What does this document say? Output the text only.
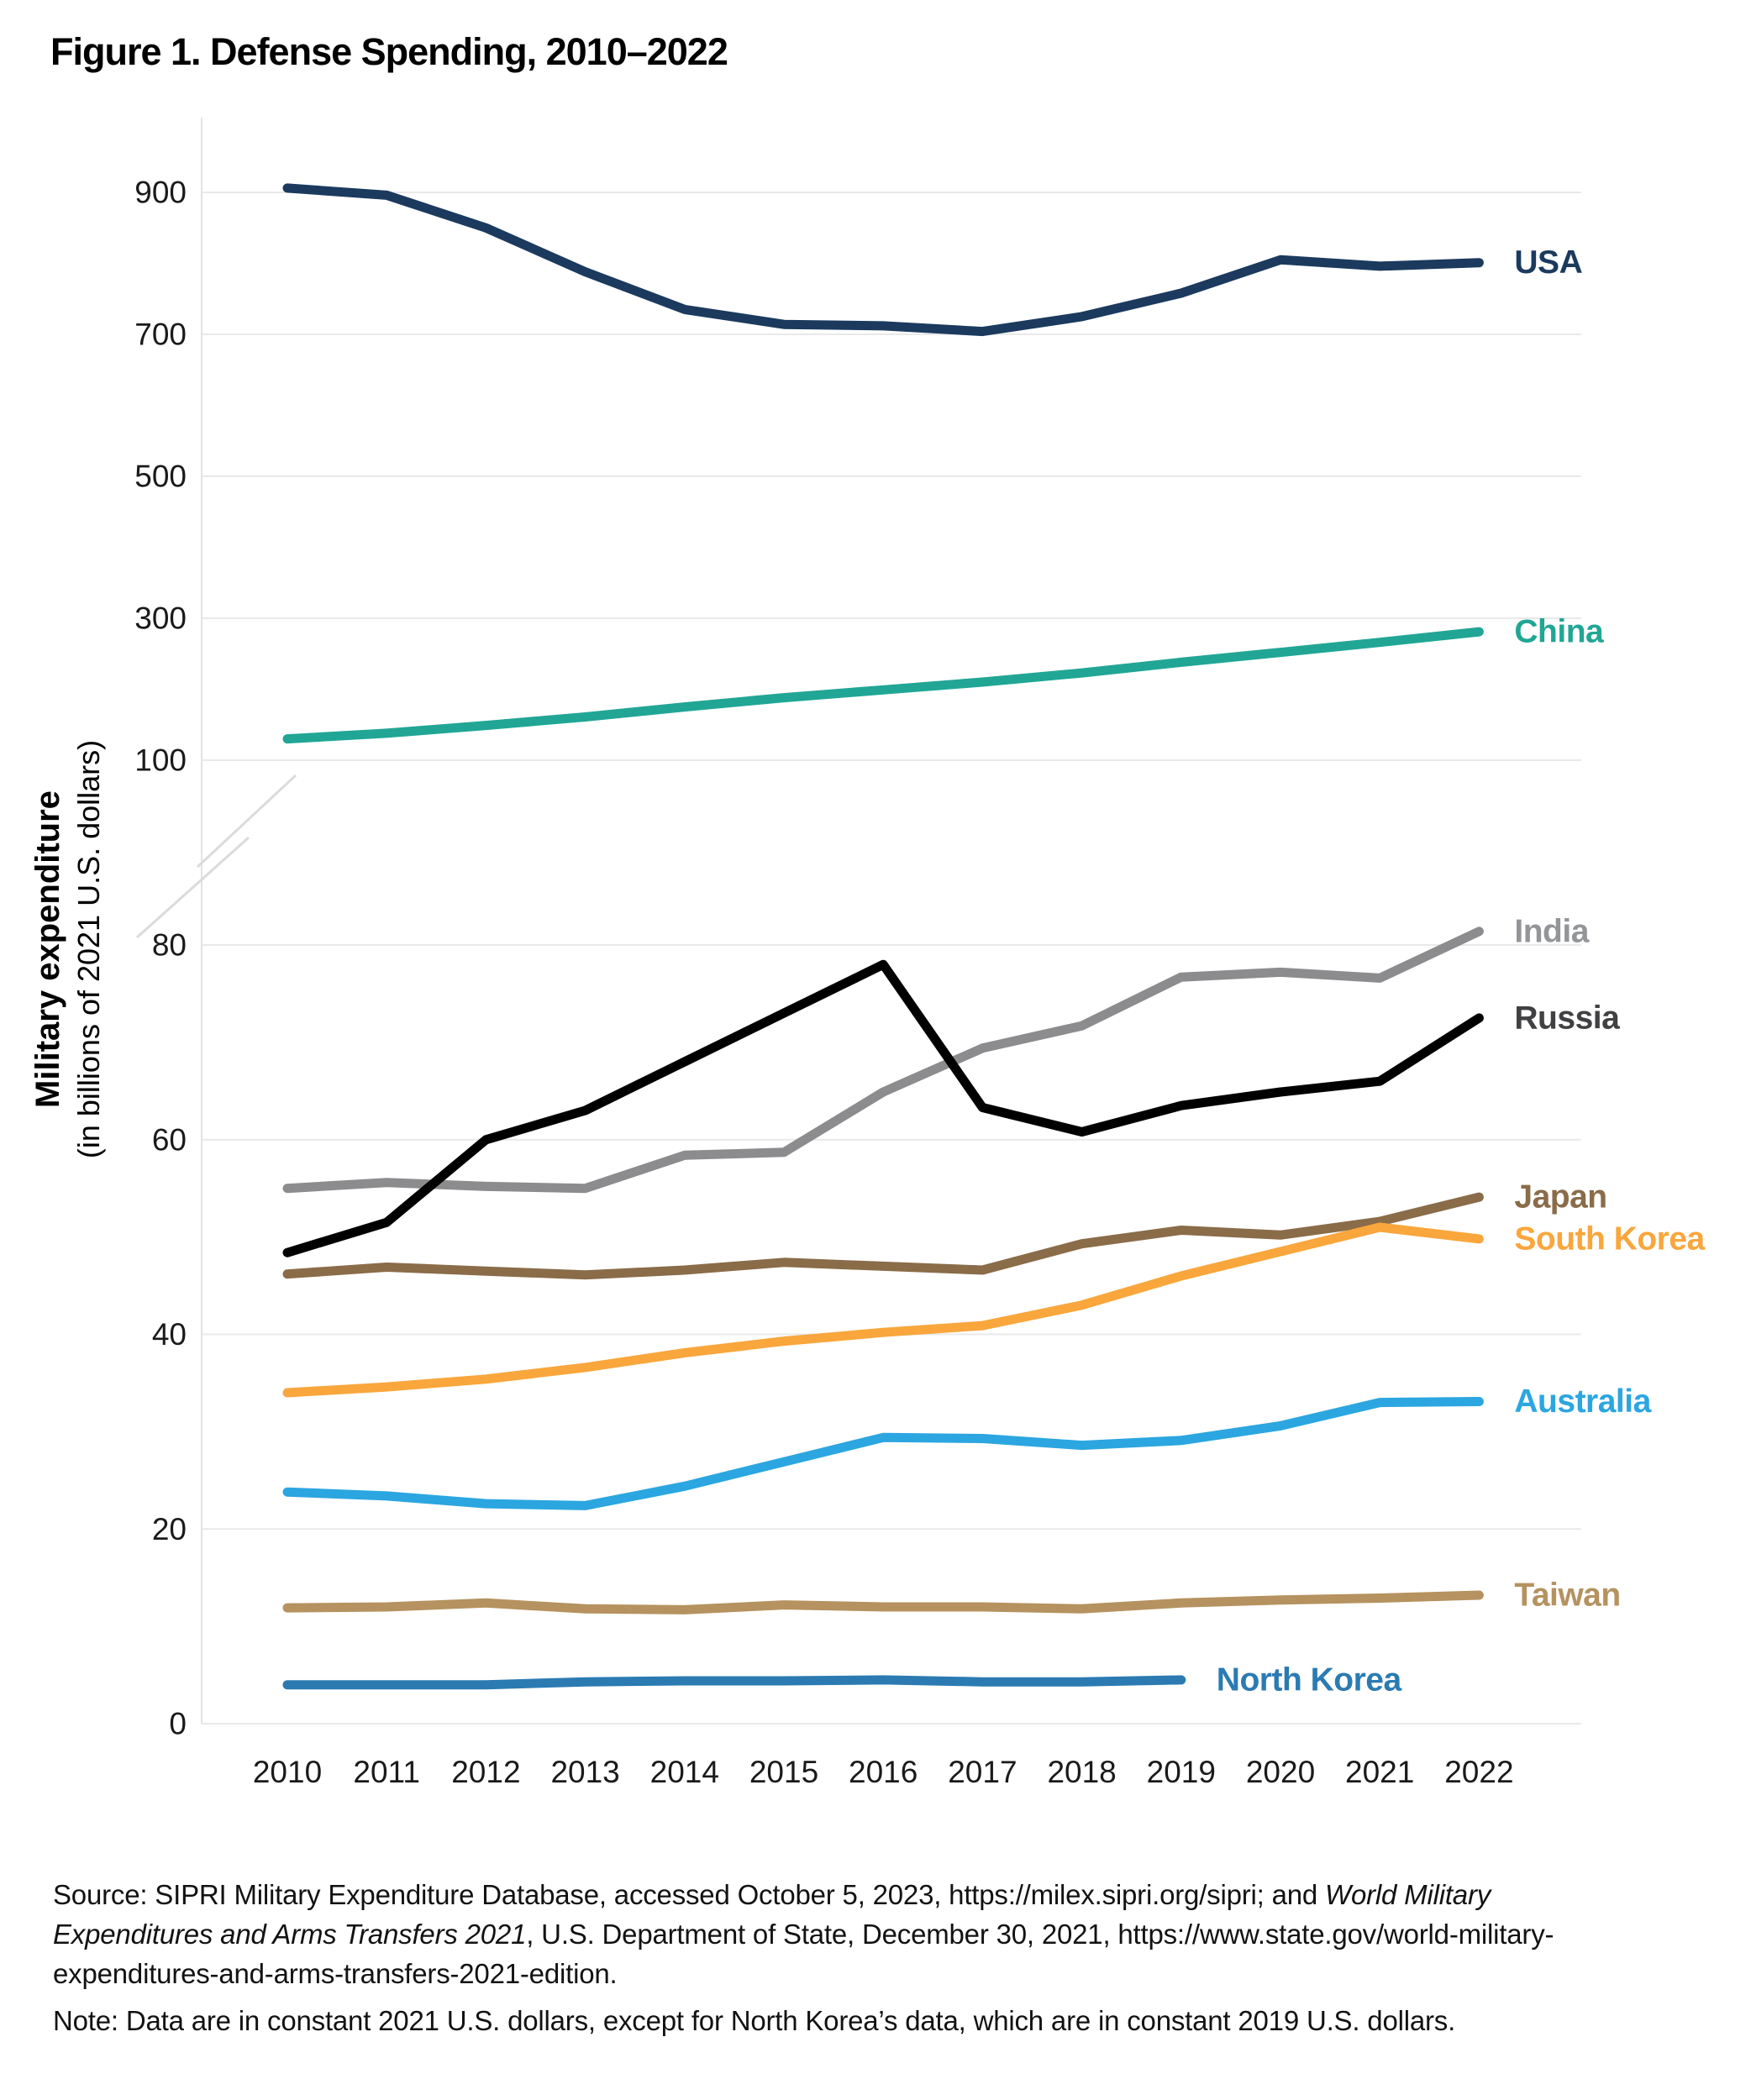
Figure 1. Defense Spending, 2010–2022
900
700
500
300
100
80
60
40
20
0
2010 2011 2012 2013 2014 2015 2016 2017 2018 2019 2020 2021 2022
USA
China
India
Russia
Japan
South Korea
Australia
Taiwan
North Korea
Military expenditure (in billions of 2021 U.S. dollars)
Source: SIPRI Military Expenditure Database, accessed October 5, 2023, https://milex.sipri.org/sipri; and World Military
Expenditures and Arms Transfers 2021, U.S. Department of State, December 30, 2021, https://www.state.gov/world-military-
expenditures-and-arms-transfers-2021-edition.
Note: Data are in constant 2021 U.S. dollars, except for North Korea’s data, which are in constant 2019 U.S. dollars.
